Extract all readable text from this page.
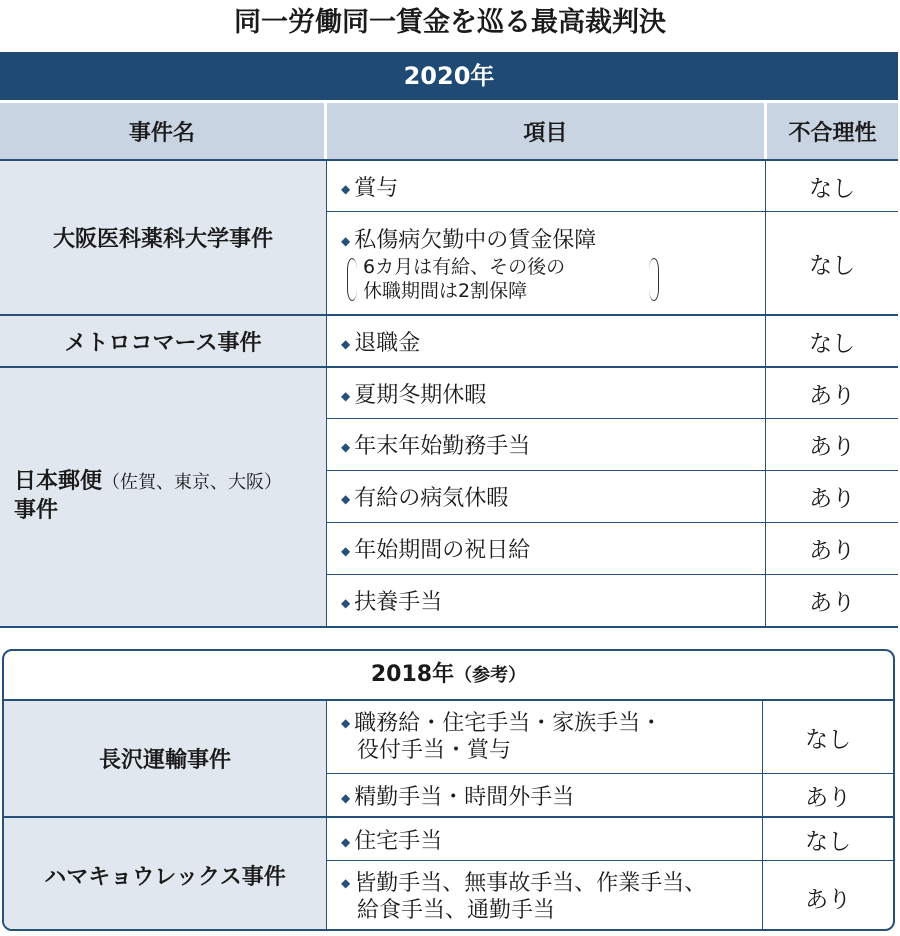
同一労働同一賃金を巡る最高裁判決
2020年
事件名	項目	不合理性
大阪医科薬科大学事件
◆ 賞与	なし
◆ 私傷病欠勤中の賃金保障
6カ月は有給、その後の
休職期間は2割保障
なし
メトロコマース事件	◆ 退職金	なし
日本郵便（佐賀、東京、大阪）
事件
◆ 夏期冬期休暇	あり
◆ 年末年始勤務手当	あり
◆ 有給の病気休暇	あり
◆ 年始期間の祝日給	あり
◆ 扶養手当	あり
2018年（参考）
長沢運輸事件
◆ 職務給・住宅手当・家族手当・
役付手当・賞与	なし
◆ 精勤手当・時間外手当	あり
ハマキョウレックス事件
◆ 住宅手当	なし
◆ 皆勤手当、無事故手当、作業手当、
給食手当、通勤手当	あり
